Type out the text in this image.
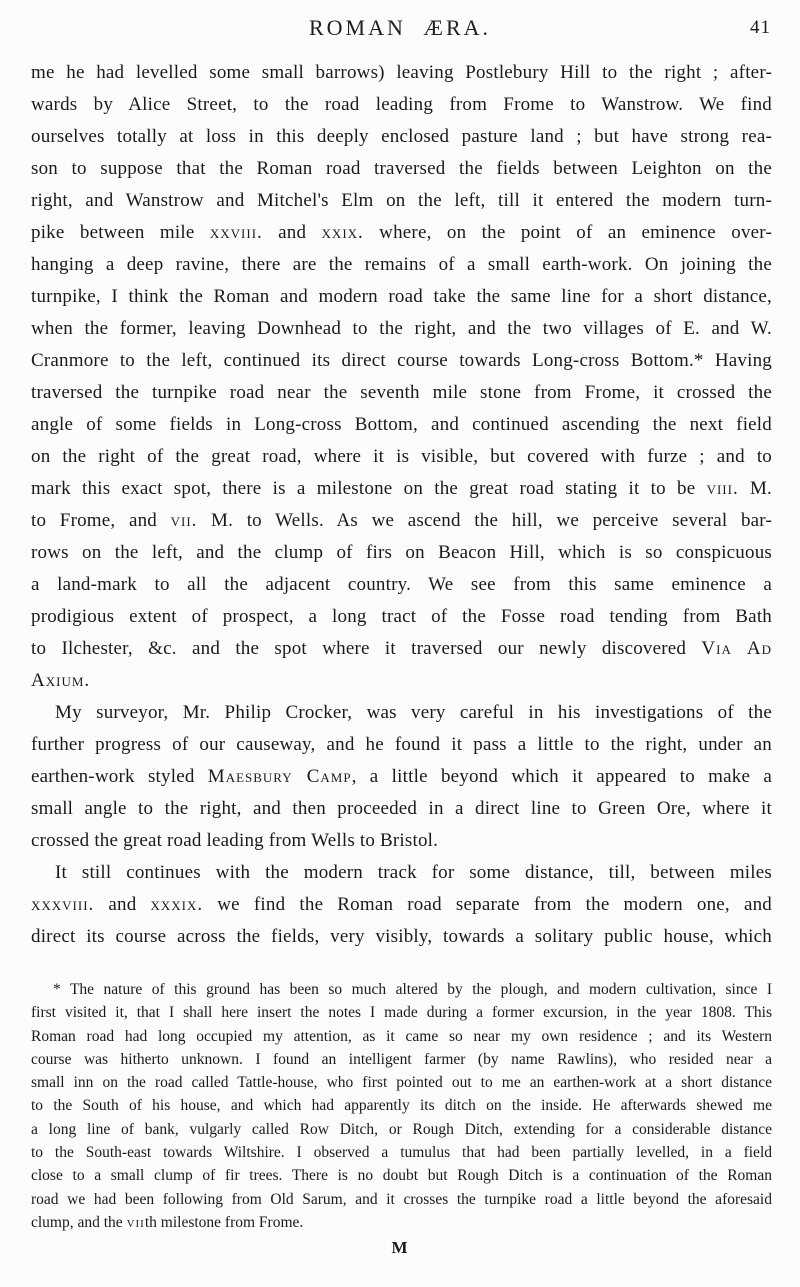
ROMAN ÆRA.	41
me he had levelled some small barrows) leaving Postlebury Hill to the right ; after-
wards by Alice Street, to the road leading from Frome to Wanstrow. We find
ourselves totally at loss in this deeply enclosed pasture land ; but have strong rea-
son to suppose that the Roman road traversed the fields between Leighton on the
right, and Wanstrow and Mitchel's Elm on the left, till it entered the modern turn-
pike between mile xxviii. and xxix. where, on the point of an eminence over-
hanging a deep ravine, there are the remains of a small earth-work. On joining the
turnpike, I think the Roman and modern road take the same line for a short distance,
when the former, leaving Downhead to the right, and the two villages of E. and W.
Cranmore to the left, continued its direct course towards Long-cross Bottom.* Having
traversed the turnpike road near the seventh mile stone from Frome, it crossed the
angle of some fields in Long-cross Bottom, and continued ascending the next field
on the right of the great road, where it is visible, but covered with furze ; and to
mark this exact spot, there is a milestone on the great road stating it to be viii. M.
to Frome, and vii. M. to Wells. As we ascend the hill, we perceive several bar-
rows on the left, and the clump of firs on Beacon Hill, which is so conspicuous
a land-mark to all the adjacent country. We see from this same eminence a
prodigious extent of prospect, a long tract of the Fosse road tending from Bath
to Ilchester, &c. and the spot where it traversed our newly discovered Via Ad
Axium.
My surveyor, Mr. Philip Crocker, was very careful in his investigations of the
further progress of our causeway, and he found it pass a little to the right, under an
earthen-work styled Maesbury Camp, a little beyond which it appeared to make a
small angle to the right, and then proceeded in a direct line to Green Ore, where it
crossed the great road leading from Wells to Bristol.
It still continues with the modern track for some distance, till, between miles
xxxviii. and xxxix. we find the Roman road separate from the modern one, and
direct its course across the fields, very visibly, towards a solitary public house, which
* The nature of this ground has been so much altered by the plough, and modern cultivation, since I
first visited it, that I shall here insert the notes I made during a former excursion, in the year 1808. This
Roman road had long occupied my attention, as it came so near my own residence ; and its Western
course was hitherto unknown. I found an intelligent farmer (by name Rawlins), who resided near a
small inn on the road called Tattle-house, who first pointed out to me an earthen-work at a short distance
to the South of his house, and which had apparently its ditch on the inside. He afterwards shewed me
a long line of bank, vulgarly called Row Ditch, or Rough Ditch, extending for a considerable distance
to the South-east towards Wiltshire. I observed a tumulus that had been partially levelled, in a field
close to a small clump of fir trees. There is no doubt but Rough Ditch is a continuation of the Roman
road we had been following from Old Sarum, and it crosses the turnpike road a little beyond the aforesaid
clump, and the viith milestone from Frome.
M
